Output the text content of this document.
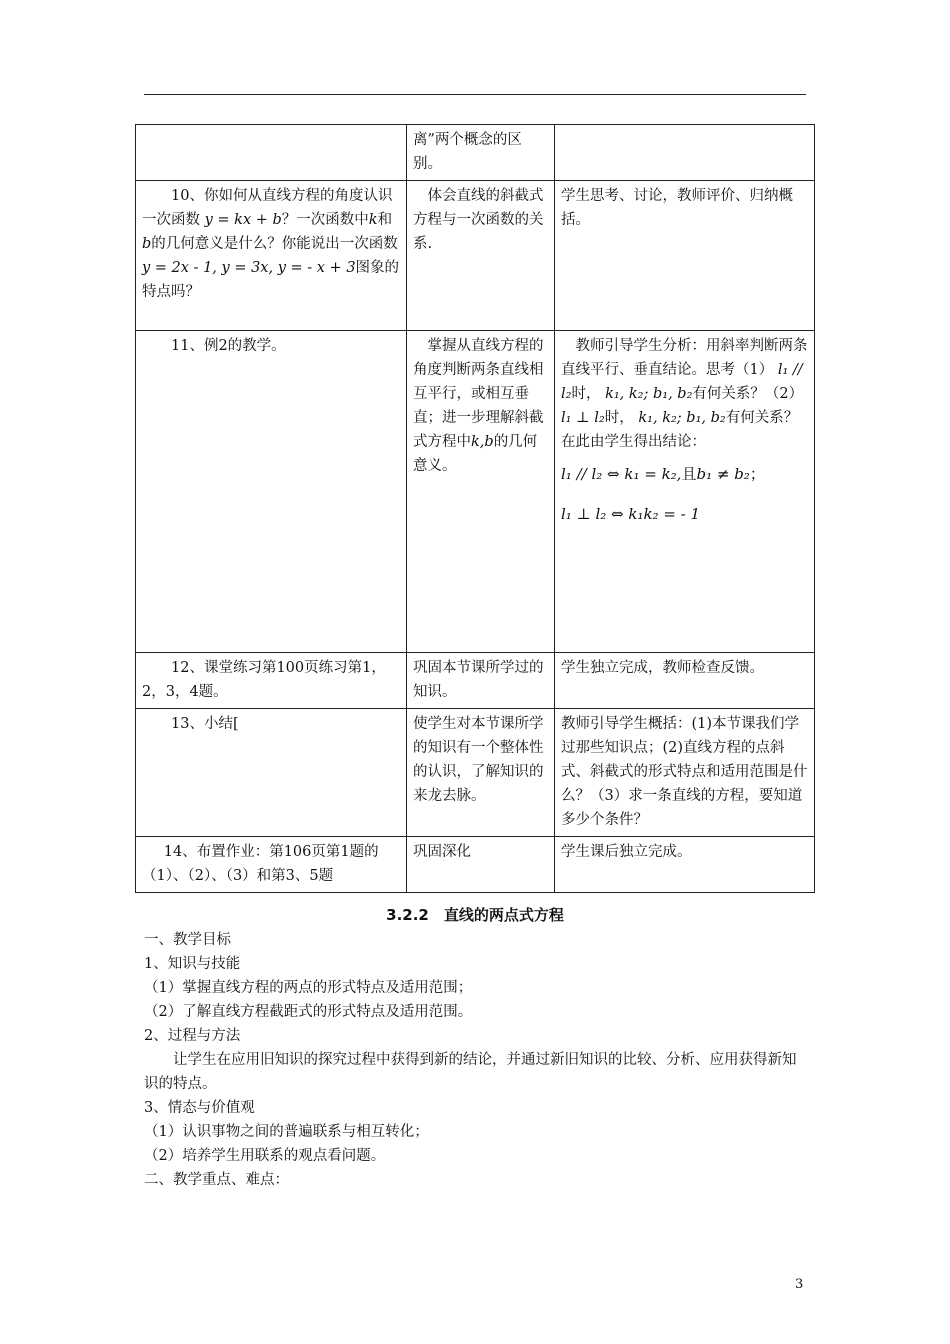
	离”两个概念的区别。	
10、你如何从直线方程的角度认识一次函数 y = kx + b？一次函数中k和b的几何意义是什么？你能说出一次函数 y = 2x - 1, y = 3x, y = - x + 3图象的特点吗？	体会直线的斜截式方程与一次函数的关系.	学生思考、讨论，教师评价、归纳概括。
11、例2的教学。	掌握从直线方程的角度判断两条直线相互平行，或相互垂直；进一步理解斜截式方程中k,b的几何意义。	教师引导学生分析：用斜率判断两条直线平行、垂直结论。思考（1） l₁ // l₂时， k₁, k₂; b₁, b₂有何关系？（2） l₁ ⊥ l₂时， k₁, k₂; b₁, b₂有何关系？在此由学生得出结论：
l₁ // l₂ ⇔ k₁ = k₂,且b₁ ≠ b₂；
l₁ ⊥ l₂ ⇔ k₁k₂ = - 1

12、课堂练习第100页练习第1，2，3，4题。	巩固本节课所学过的知识。	学生独立完成，教师检查反馈。
13、小结[	使学生对本节课所学的知识有一个整体性的认识，了解知识的来龙去脉。	教师引导学生概括：(1)本节课我们学过那些知识点；(2)直线方程的点斜式、斜截式的形式特点和适用范围是什么？（3）求一条直线的方程，要知道多少个条件？
14、布置作业：第106页第1题的（1）、（2）、（3）和第3、5题	巩固深化	学生课后独立完成。
3.2.2　直线的两点式方程

一、教学目标

1、知识与技能

（1）掌握直线方程的两点的形式特点及适用范围；

（2）了解直线方程截距式的形式特点及适用范围。

2、过程与方法

让学生在应用旧知识的探究过程中获得到新的结论，并通过新旧知识的比较、分析、应用获得新知识的特点。

3、情态与价值观

（1）认识事物之间的普遍联系与相互转化；

（2）培养学生用联系的观点看问题。

二、教学重点、难点：

3
